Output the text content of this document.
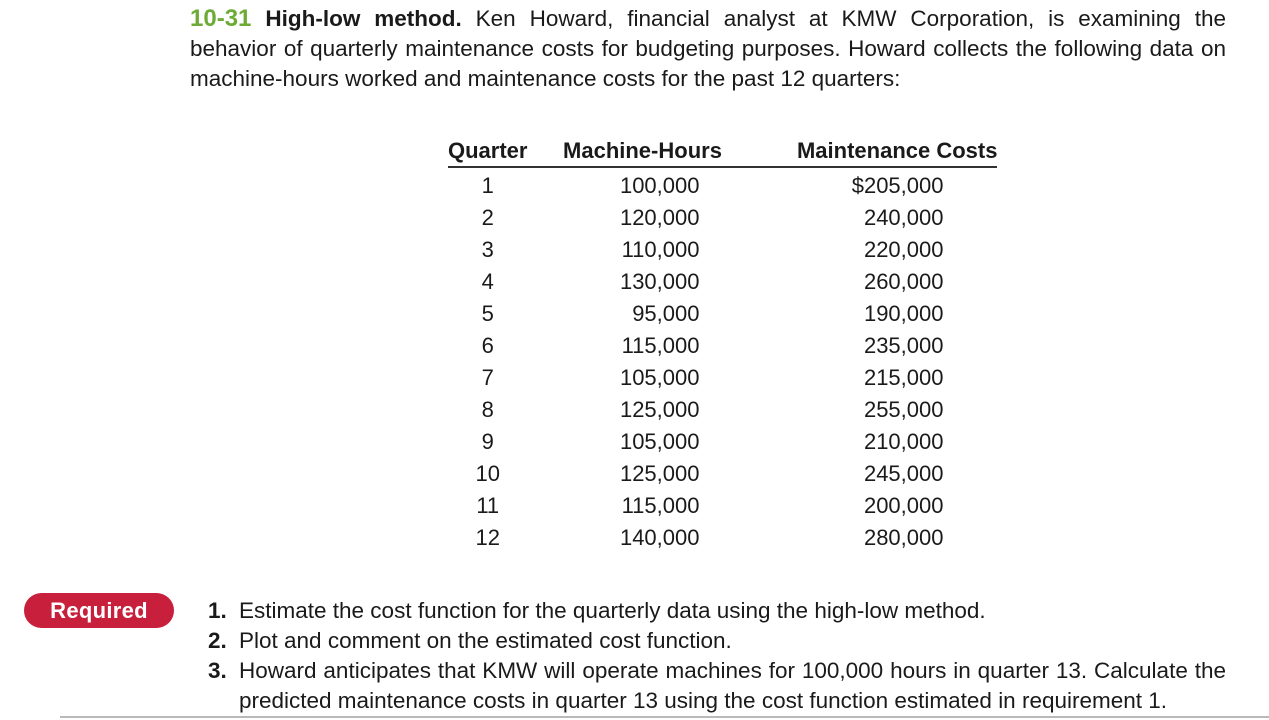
10-31 High-low method. Ken Howard, financial analyst at KMW Corporation, is examining the behavior of quarterly maintenance costs for budgeting purposes. Howard collects the following data on machine-hours worked and maintenance costs for the past 12 quarters:
Quarter	Machine-Hours	Maintenance Costs
1	100,000	$205,000
2	120,000	240,000
3	110,000	220,000
4	130,000	260,000
5	95,000	190,000
6	115,000	235,000
7	105,000	215,000
8	125,000	255,000
9	105,000	210,000
10	125,000	245,000
11	115,000	200,000
12	140,000	280,000
Required	1. Estimate the cost function for the quarterly data using the high-low method.
2. Plot and comment on the estimated cost function.
3. Howard anticipates that KMW will operate machines for 100,000 hours in quarter 13. Calculate the predicted maintenance costs in quarter 13 using the cost function estimated in requirement 1.
